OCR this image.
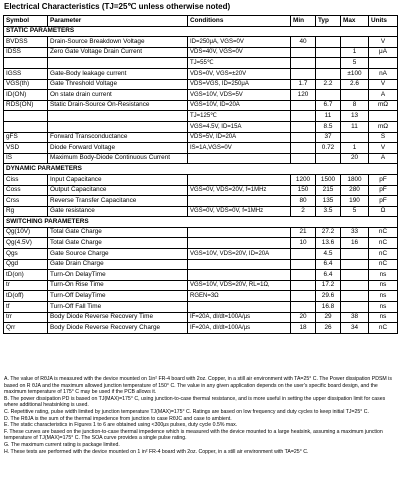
Electrical Characteristics (TJ=25℃ unless otherwise noted)
Symbol	Parameter	Conditions	Min	Typ	Max	Units
STATIC PARAMETERS						
BVDSS	Drain-Source Breakdown Voltage	ID=250μA, VGS=0V	40			V
IDSS	Zero Gate Voltage Drain Current	VDS=40V, VGS=0V			1	μA
		TJ=55℃			5	
IGSS	Gate-Body leakage current	VDS=0V, VGS=±20V			±100	nA
VGS(th)	Gate Threshold Voltage	VDS=VGS, ID=250μA	1.7	2.2	2.6	V
ID(ON)	On state drain current	VGS=10V, VDS=5V	120			A
RDS(ON)	Static Drain-Source On-Resistance	VGS=10V, ID=20A		6.7	8	mΩ
		TJ=125℃		11	13	
		VGS=4.5V, ID=15A		8.5	11	mΩ
gFS	Forward Transconductance	VDS=5V, ID=20A		37		S
VSD	Diode Forward Voltage	IS=1A,VGS=0V		0.72	1	V
IS	Maximum Body-Diode Continuous Current				20	A
DYNAMIC PARAMETERS						
Ciss	Input Capacitance		1200	1500	1800	pF
Coss	Output Capacitance	VGS=0V, VDS=20V, f=1MHz	150	215	280	pF
Crss	Reverse Transfer Capacitance		80	135	190	pF
Rg	Gate resistance	VGS=0V, VDS=0V, f=1MHz	2	3.5	5	Ω
SWITCHING PARAMETERS						
Qg(10V)	Total Gate Charge		21	27.2	33	nC
Qg(4.5V)	Total Gate Charge		10	13.6	16	nC
Qgs	Gate Source Charge	VGS=10V, VDS=20V, ID=20A		4.5		nC
Qgd	Gate Drain Charge			6.4		nC
tD(on)	Turn-On DelayTime			6.4		ns
tr	Turn-On Rise Time	VGS=10V, VDS=20V, RL=1Ω,		17.2		ns
tD(off)	Turn-Off DelayTime	RGEN=3Ω		29.6		ns
tf	Turn-Off Fall Time			16.8		ns
trr	Body Diode Reverse Recovery Time	IF=20A, dI/dt=100A/μs	20	29	38	ns
Qrr	Body Diode Reverse Recovery Charge	IF=20A, dI/dt=100A/μs	18	26	34	nC

A. The value of RθJA is measured with the device mounted on 1in² FR-4 board with 2oz. Copper, in a still air environment with TA=25° C. The Power dissipation PDSM is based on R θJA and the maximum allowed junction temperature of 150° C. The value in any given application depends on the user's specific board design, and the maximum temperature of 175° C may be used if the PCB allows it.

B. The power dissipation PD is based on TJ(MAX)=175° C, using junction-to-case thermal resistance, and is more useful in setting the upper dissipation limit for cases where additional heatsinking is used.

C. Repetitive rating, pulse width limited by junction temperature TJ(MAX)=175° C. Ratings are based on low frequency and duty cycles to keep initial TJ=25° C.

D. The RθJA is the sum of the thermal impedence from junction to case RθJC and case to ambient.

E. The static characteristics in Figures 1 to 6 are obtained using <300μs pulses, duty cycle 0.5% max.

F. These curves are based on the junction-to-case thermal impedence which is measured with the device mounted to a large heatsink, assuming a maximum junction temperature of TJ(MAX)=175° C. The SOA curve provides a single pulse rating.

G. The maximum current rating is package limited.

H. These tests are performed with the device mounted on 1 in² FR-4 board with 2oz. Copper, in a still air environment with TA=25° C.
